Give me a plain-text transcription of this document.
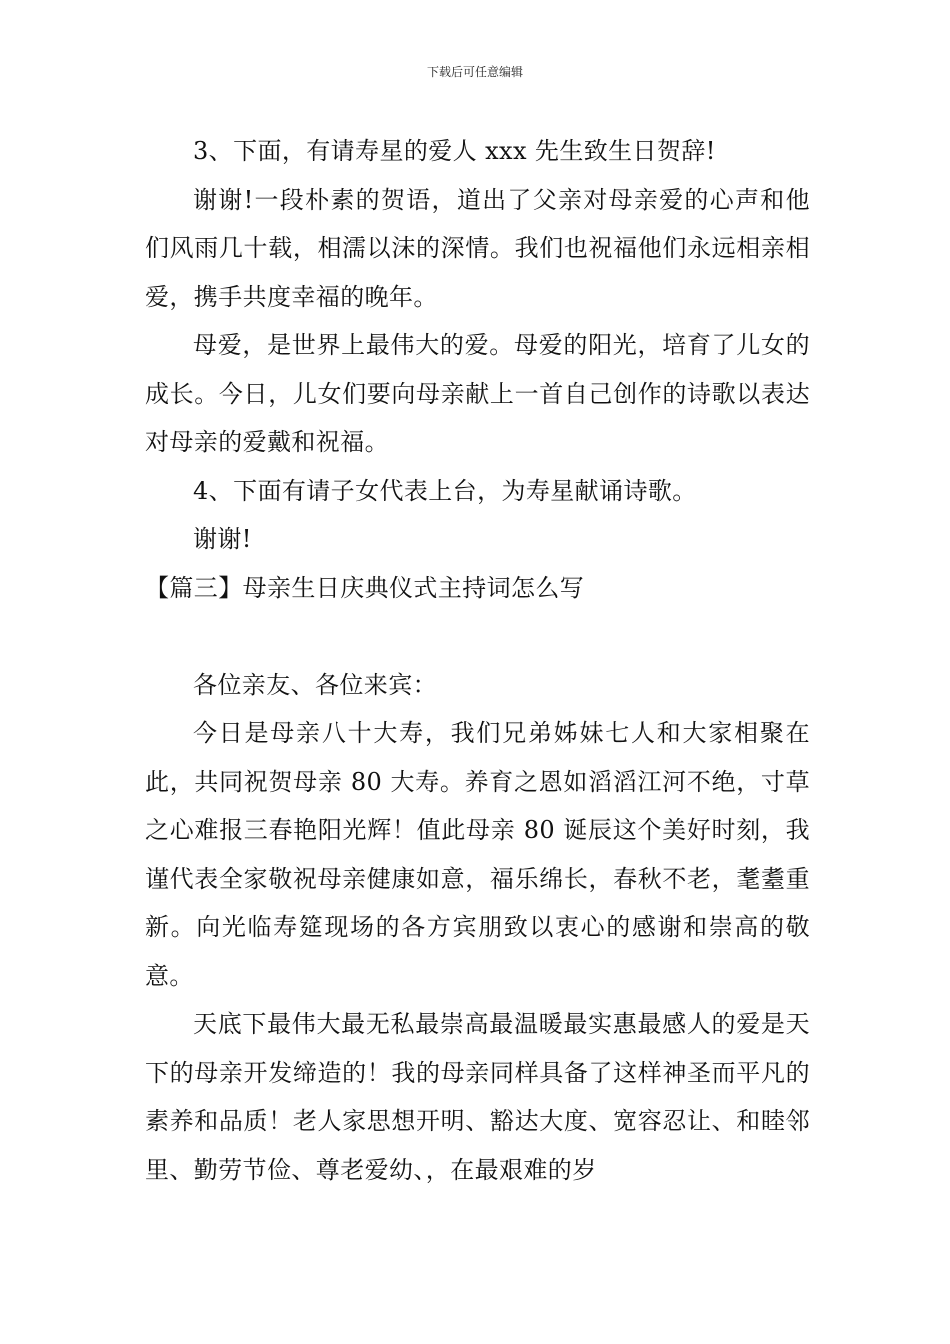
下载后可任意编辑

3、下面，有请寿星的爱人 xxx 先生致生日贺辞!

谢谢!一段朴素的贺语，道出了父亲对母亲爱的心声和他们风雨几十载，相濡以沫的深情。我们也祝福他们永远相亲相爱，携手共度幸福的晚年。

母爱，是世界上最伟大的爱。母爱的阳光，培育了儿女的成长。今日，儿女们要向母亲献上一首自己创作的诗歌以表达对母亲的爱戴和祝福。

4、下面有请子女代表上台，为寿星献诵诗歌。

谢谢!

【篇三】母亲生日庆典仪式主持词怎么写

各位亲友、各位来宾：

今日是母亲八十大寿，我们兄弟姊妹七人和大家相聚在此，共同祝贺母亲 80 大寿。养育之恩如滔滔江河不绝，寸草之心难报三春艳阳光辉！值此母亲 80 诞辰这个美好时刻，我谨代表全家敬祝母亲健康如意，福乐绵长，春秋不老，耄耋重新。向光临寿筵现场的各方宾朋致以衷心的感谢和崇高的敬意。

天底下最伟大最无私最崇高最温暖最实惠最感人的爱是天下的母亲开发缔造的！我的母亲同样具备了这样神圣而平凡的素养和品质！老人家思想开明、豁达大度、宽容忍让、和睦邻里、勤劳节俭、尊老爱幼、，在最艰难的岁
